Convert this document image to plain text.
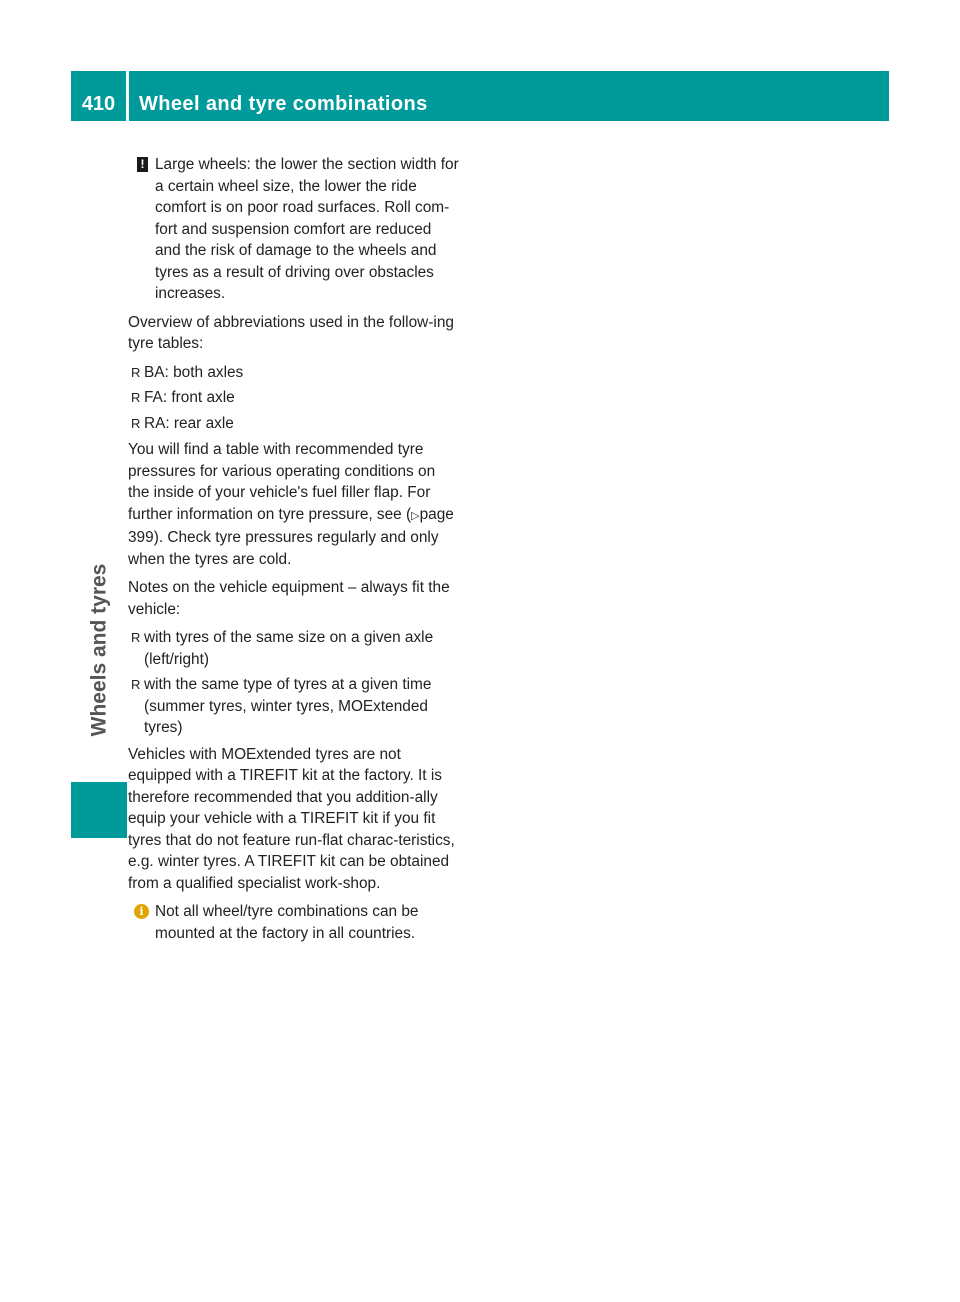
410	Wheel and tyre combinations
Wheels and tyres
! Large wheels: the lower the section width for a certain wheel size, the lower the ride comfort is on poor road surfaces. Roll com-fort and suspension comfort are reduced and the risk of damage to the wheels and tyres as a result of driving over obstacles increases.

Overview of abbreviations used in the follow-ing tyre tables:

R BA: both axles
R FA: front axle
R RA: rear axle

You will find a table with recommended tyre pressures for various operating conditions on the inside of your vehicle's fuel filler flap. For further information on tyre pressure, see (▷page 399). Check tyre pressures regularly and only when the tyres are cold.

Notes on the vehicle equipment – always fit the vehicle:

R with tyres of the same size on a given axle (left/right)
R with the same type of tyres at a given time (summer tyres, winter tyres, MOExtended tyres)

Vehicles with MOExtended tyres are not equipped with a TIREFIT kit at the factory. It is therefore recommended that you addition-ally equip your vehicle with a TIREFIT kit if you fit tyres that do not feature run-flat charac-teristics, e.g. winter tyres. A TIREFIT kit can be obtained from a qualified specialist work-shop.

i Not all wheel/tyre combinations can be mounted at the factory in all countries.
